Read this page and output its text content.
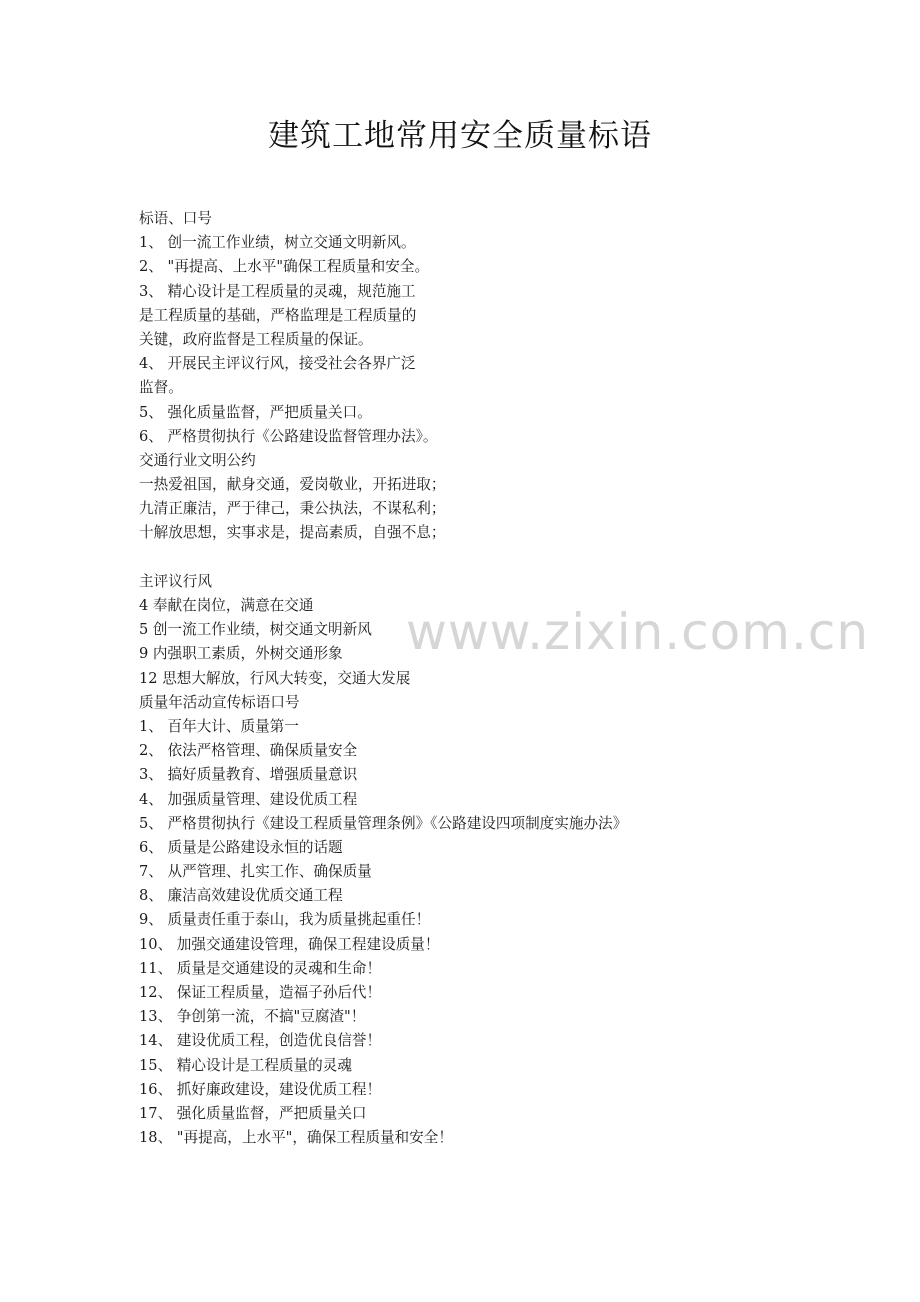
建筑工地常用安全质量标语
标语、口号
1、 创一流工作业绩，树立交通文明新风。
2、 "再提高、上水平"确保工程质量和安全。
3、 精心设计是工程质量的灵魂，规范施工
是工程质量的基础，严格监理是工程质量的
关键，政府监督是工程质量的保证。
4、 开展民主评议行风，接受社会各界广泛
监督。
5、 强化质量监督，严把质量关口。
6、 严格贯彻执行《公路建设监督管理办法》。
交通行业文明公约
一热爱祖国，献身交通，爱岗敬业，开拓进取；
九清正廉洁，严于律己，秉公执法，不谋私利；
十解放思想，实事求是，提高素质，自强不息；
主评议行风
4 奉献在岗位，满意在交通
5 创一流工作业绩，树交通文明新风
9 内强职工素质，外树交通形象
12 思想大解放，行风大转变，交通大发展
质量年活动宣传标语口号
1、 百年大计、质量第一
2、 依法严格管理、确保质量安全
3、 搞好质量教育、增强质量意识
4、 加强质量管理、建设优质工程
5、 严格贯彻执行《建设工程质量管理条例》《公路建设四项制度实施办法》
6、 质量是公路建设永恒的话题
7、 从严管理、扎实工作、确保质量
8、 廉洁高效建设优质交通工程
9、 质量责任重于泰山，我为质量挑起重任！
10、 加强交通建设管理，确保工程建设质量！
11、 质量是交通建设的灵魂和生命！
12、 保证工程质量，造福子孙后代！
13、 争创第一流，不搞"豆腐渣"！
14、 建设优质工程，创造优良信誉！
15、 精心设计是工程质量的灵魂
16、 抓好廉政建设，建设优质工程！
17、 强化质量监督，严把质量关口
18、 "再提高，上水平"，确保工程质量和安全！
www.zixin.com.cn
